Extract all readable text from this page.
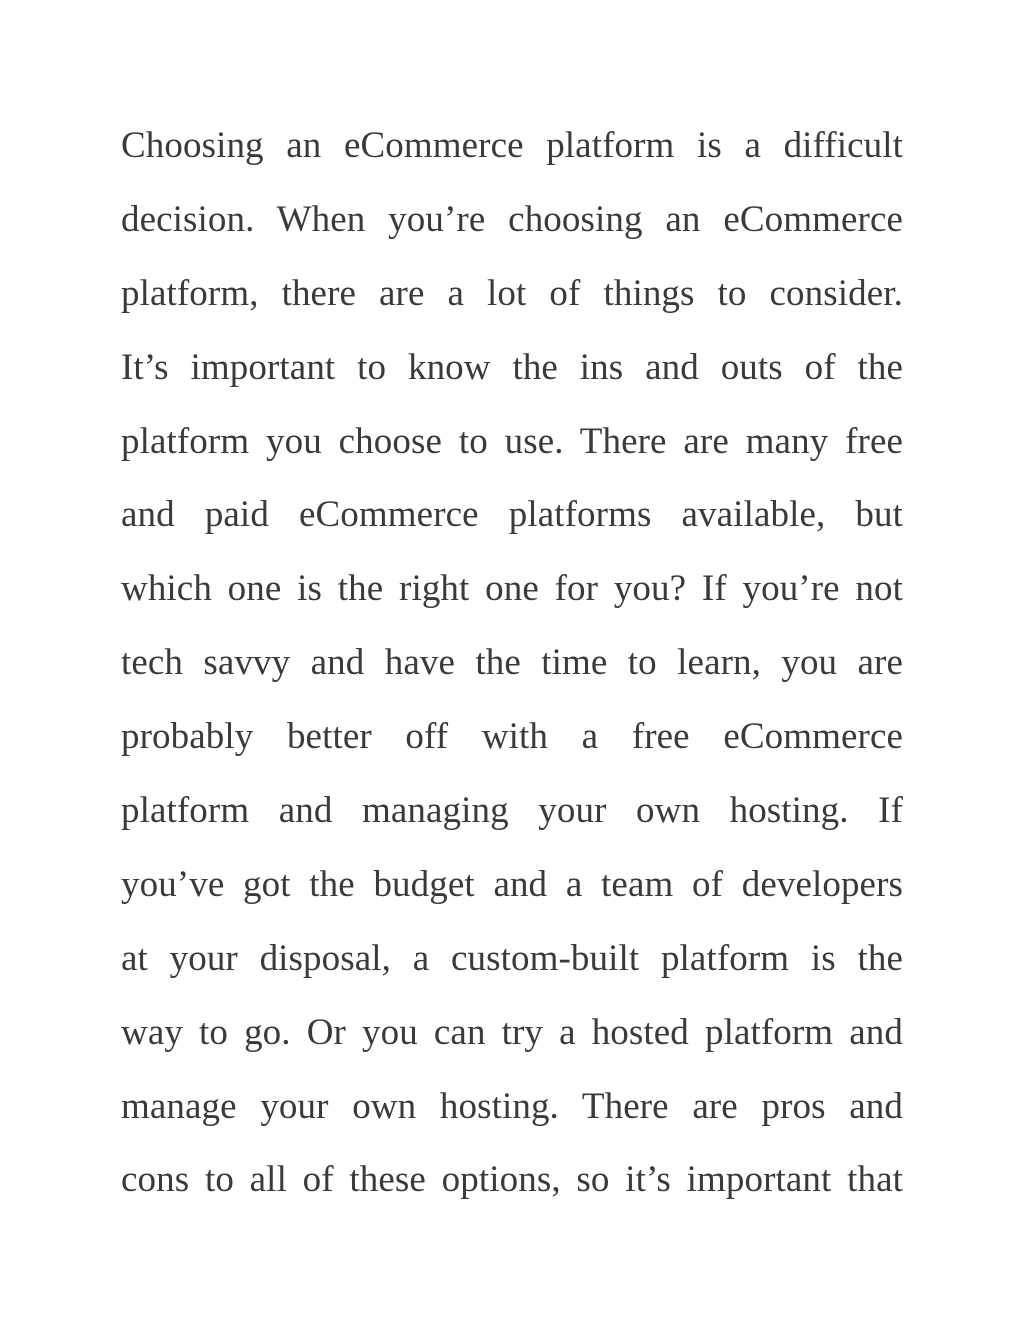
Choosing an eCommerce platform is a difficult
decision. When you’re choosing an eCommerce
platform, there are a lot of things to consider.
It’s important to know the ins and outs of the
platform you choose to use. There are many free
and paid eCommerce platforms available, but
which one is the right one for you? If you’re not
tech savvy and have the time to learn, you are
probably better off with a free eCommerce
platform and managing your own hosting. If
you’ve got the budget and a team of developers
at your disposal, a custom-built platform is the
way to go. Or you can try a hosted platform and
manage your own hosting. There are pros and
cons to all of these options, so it’s important that
